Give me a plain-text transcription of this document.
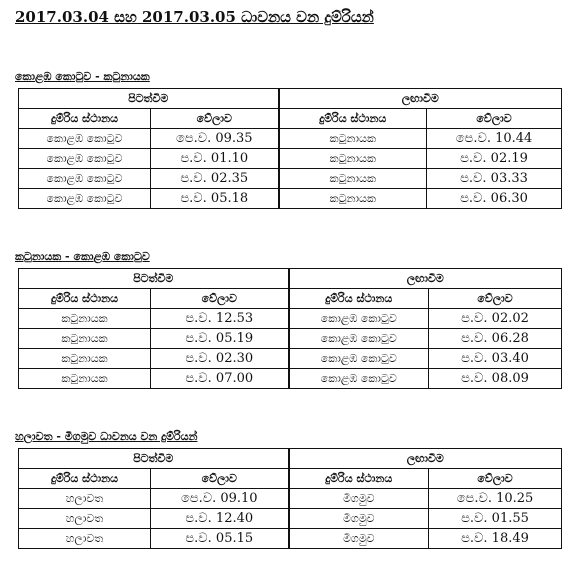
2017.03.04 සහ 2017.03.05 ධාවනය වන දුම්රියන්
කොළඹ කොටුව - කටුනායක
පිටත්වීම		ලඟාවීම	
දුම්රිය ස්ථානය	වේලාව	දුම්රිය ස්ථානය	වේලාව
කොළඹ කොටුව	පෙ.ව. 09.35	කටුනායක	පෙ.ව. 10.44
කොළඹ කොටුව	ප.ව. 01.10	කටුනායක	ප.ව. 02.19
කොළඹ කොටුව	ප.ව. 02.35	කටුනායක	ප.ව. 03.33
කොළඹ කොටුව	ප.ව. 05.18	කටුනායක	ප.ව. 06.30
කටුනායක - කොළඹ කොටුව
පිටත්වීම		ලඟාවීම	
දුම්රිය ස්ථානය	වේලාව	දුම්රිය ස්ථානය	වේලාව
කටුනායක	ප.ව. 12.53	කොළඹ කොටුව	ප.ව. 02.02
කටුනායක	ප.ව. 05.19	කොළඹ කොටුව	ප.ව. 06.28
කටුනායක	ප.ව. 02.30	කොළඹ කොටුව	ප.ව. 03.40
කටුනායක	ප.ව. 07.00	කොළඹ කොටුව	ප.ව. 08.09
හලාවත - මීගමුව ධාවනය වන දුම්රියන්
පිටත්වීම		ලඟාවීම	
දුම්රිය ස්ථානය	වේලාව	දුම්රිය ස්ථානය	වේලාව
හලාවත	පෙ.ව. 09.10	මීගමුව	පෙ.ව. 10.25
හලාවත	ප.ව. 12.40	මීගමුව	ප.ව. 01.55
හලාවත	ප.ව. 05.15	මීගමුව	ප.ව. 18.49
